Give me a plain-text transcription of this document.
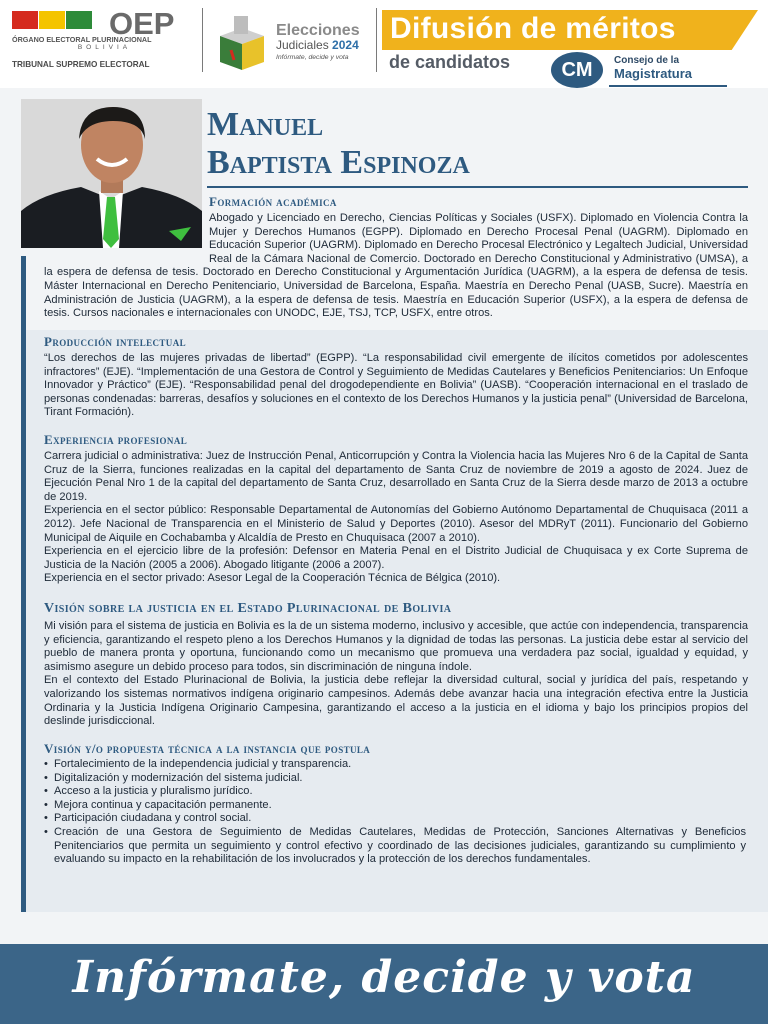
OEP
ÓRGANO ELECTORAL PLURINACIONAL
BOLIVIA
TRIBUNAL SUPREMO ELECTORAL
Elecciones
Judiciales 2024
Infórmate, decide y vota
Difusión de méritos
de candidatos	CM	Consejo de la
Magistratura
Manuel
Baptista Espinoza
Formación académica

Abogado y Licenciado en Derecho, Ciencias Políticas y Sociales (USFX). Diplomado en Violencia Contra la Mujer y Derechos Humanos (EGPP). Diplomado en Derecho Procesal Penal (UAGRM). Diplomado en Educación Superior (UAGRM). Diplomado en Derecho Procesal Electrónico y Legaltech Judicial, Universidad Real de la Cámara Nacional de Comercio. Doctorado en Derecho Constitucional y Administrativo (UMSA), a la espera de defensa de tesis. Doctorado en Derecho Constitucional y Argumentación Jurídica (UAGRM), a la espera de defensa de tesis. Máster Internacional en Derecho Penitenciario, Universidad de Barcelona, España. Maestría en Derecho Penal (UASB, Sucre). Maestría en Administración de Justicia (UAGRM), a la espera de defensa de tesis. Maestría en Educación Superior (USFX), a la espera de defensa de tesis. Cursos nacionales e internacionales con UNODC, EJE, TSJ, TCP, USFX, entre otros.

Producción intelectual

“Los derechos de las mujeres privadas de libertad” (EGPP). “La responsabilidad civil emergente de ilícitos cometidos por adolescentes infractores” (EJE). “Implementación de una Gestora de Control y Seguimiento de Medidas Cautelares y Beneficios Penitenciarios: Un Enfoque Innovador y Práctico” (EJE). “Responsabilidad penal del drogodependiente en Bolivia” (UASB). “Cooperación internacional en el traslado de personas condenadas: barreras, desafíos y soluciones en el contexto de los Derechos Humanos y la justicia penal” (Universidad de Barcelona, Tirant Formación).

Experiencia profesional

Carrera judicial o administrativa: Juez de Instrucción Penal, Anticorrupción y Contra la Violencia hacia las Mujeres Nro 6 de la Capital de Santa Cruz de la Sierra, funciones realizadas en la capital del departamento de Santa Cruz de noviembre de 2019 a agosto de 2024. Juez de Ejecución Penal Nro 1 de la capital del departamento de Santa Cruz, desarrollado en Santa Cruz de la Sierra desde marzo de 2013 a octubre de 2019.

Experiencia en el sector público: Responsable Departamental de Autonomías del Gobierno Autónomo Departamental de Chuquisaca (2011 a 2012). Jefe Nacional de Transparencia en el Ministerio de Salud y Deportes (2010). Asesor del MDRyT (2011). Funcionario del Gobierno Municipal de Aiquile en Cochabamba y Alcaldía de Presto en Chuquisaca (2007 a 2010).

Experiencia en el ejercicio libre de la profesión: Defensor en Materia Penal en el Distrito Judicial de Chuquisaca y ex Corte Suprema de Justicia de la Nación (2005 a 2006). Abogado litigante (2006 a 2007).

Experiencia en el sector privado: Asesor Legal de la Cooperación Técnica de Bélgica (2010).

Visión sobre la justicia en el Estado Plurinacional de Bolivia

Mi visión para el sistema de justicia en Bolivia es la de un sistema moderno, inclusivo y accesible, que actúe con independencia, transparencia y eficiencia, garantizando el respeto pleno a los Derechos Humanos y la dignidad de todas las personas. La justicia debe estar al servicio del pueblo de manera pronta y oportuna, funcionando como un mecanismo que promueva una verdadera paz social, igualdad y equidad, y asimismo asegure un debido proceso para todos, sin discriminación de ninguna índole.

En el contexto del Estado Plurinacional de Bolivia, la justicia debe reflejar la diversidad cultural, social y jurídica del país, respetando y valorizando los sistemas normativos indígena originario campesinos. Además debe avanzar hacia una integración efectiva entre la Justicia Ordinaria y la Justicia Indígena Originario Campesina, garantizando el acceso a la justicia en el idioma y bajo los principios propios del deslinde jurisdiccional.

Visión y/o propuesta técnica a la instancia que postula
• Fortalecimiento de la independencia judicial y transparencia.
• Digitalización y modernización del sistema judicial.
• Acceso a la justicia y pluralismo jurídico.
• Mejora continua y capacitación permanente.
• Participación ciudadana y control social.
• Creación de una Gestora de Seguimiento de Medidas Cautelares, Medidas de Protección, Sanciones Alternativas y Beneficios Penitenciarios que permita un seguimiento y control efectivo y coordinado de las decisiones judiciales, garantizando su cumplimiento y evaluando su impacto en la rehabilitación de los involucrados y la protección de los derechos fundamentales.
Infórmate, decide y vota
